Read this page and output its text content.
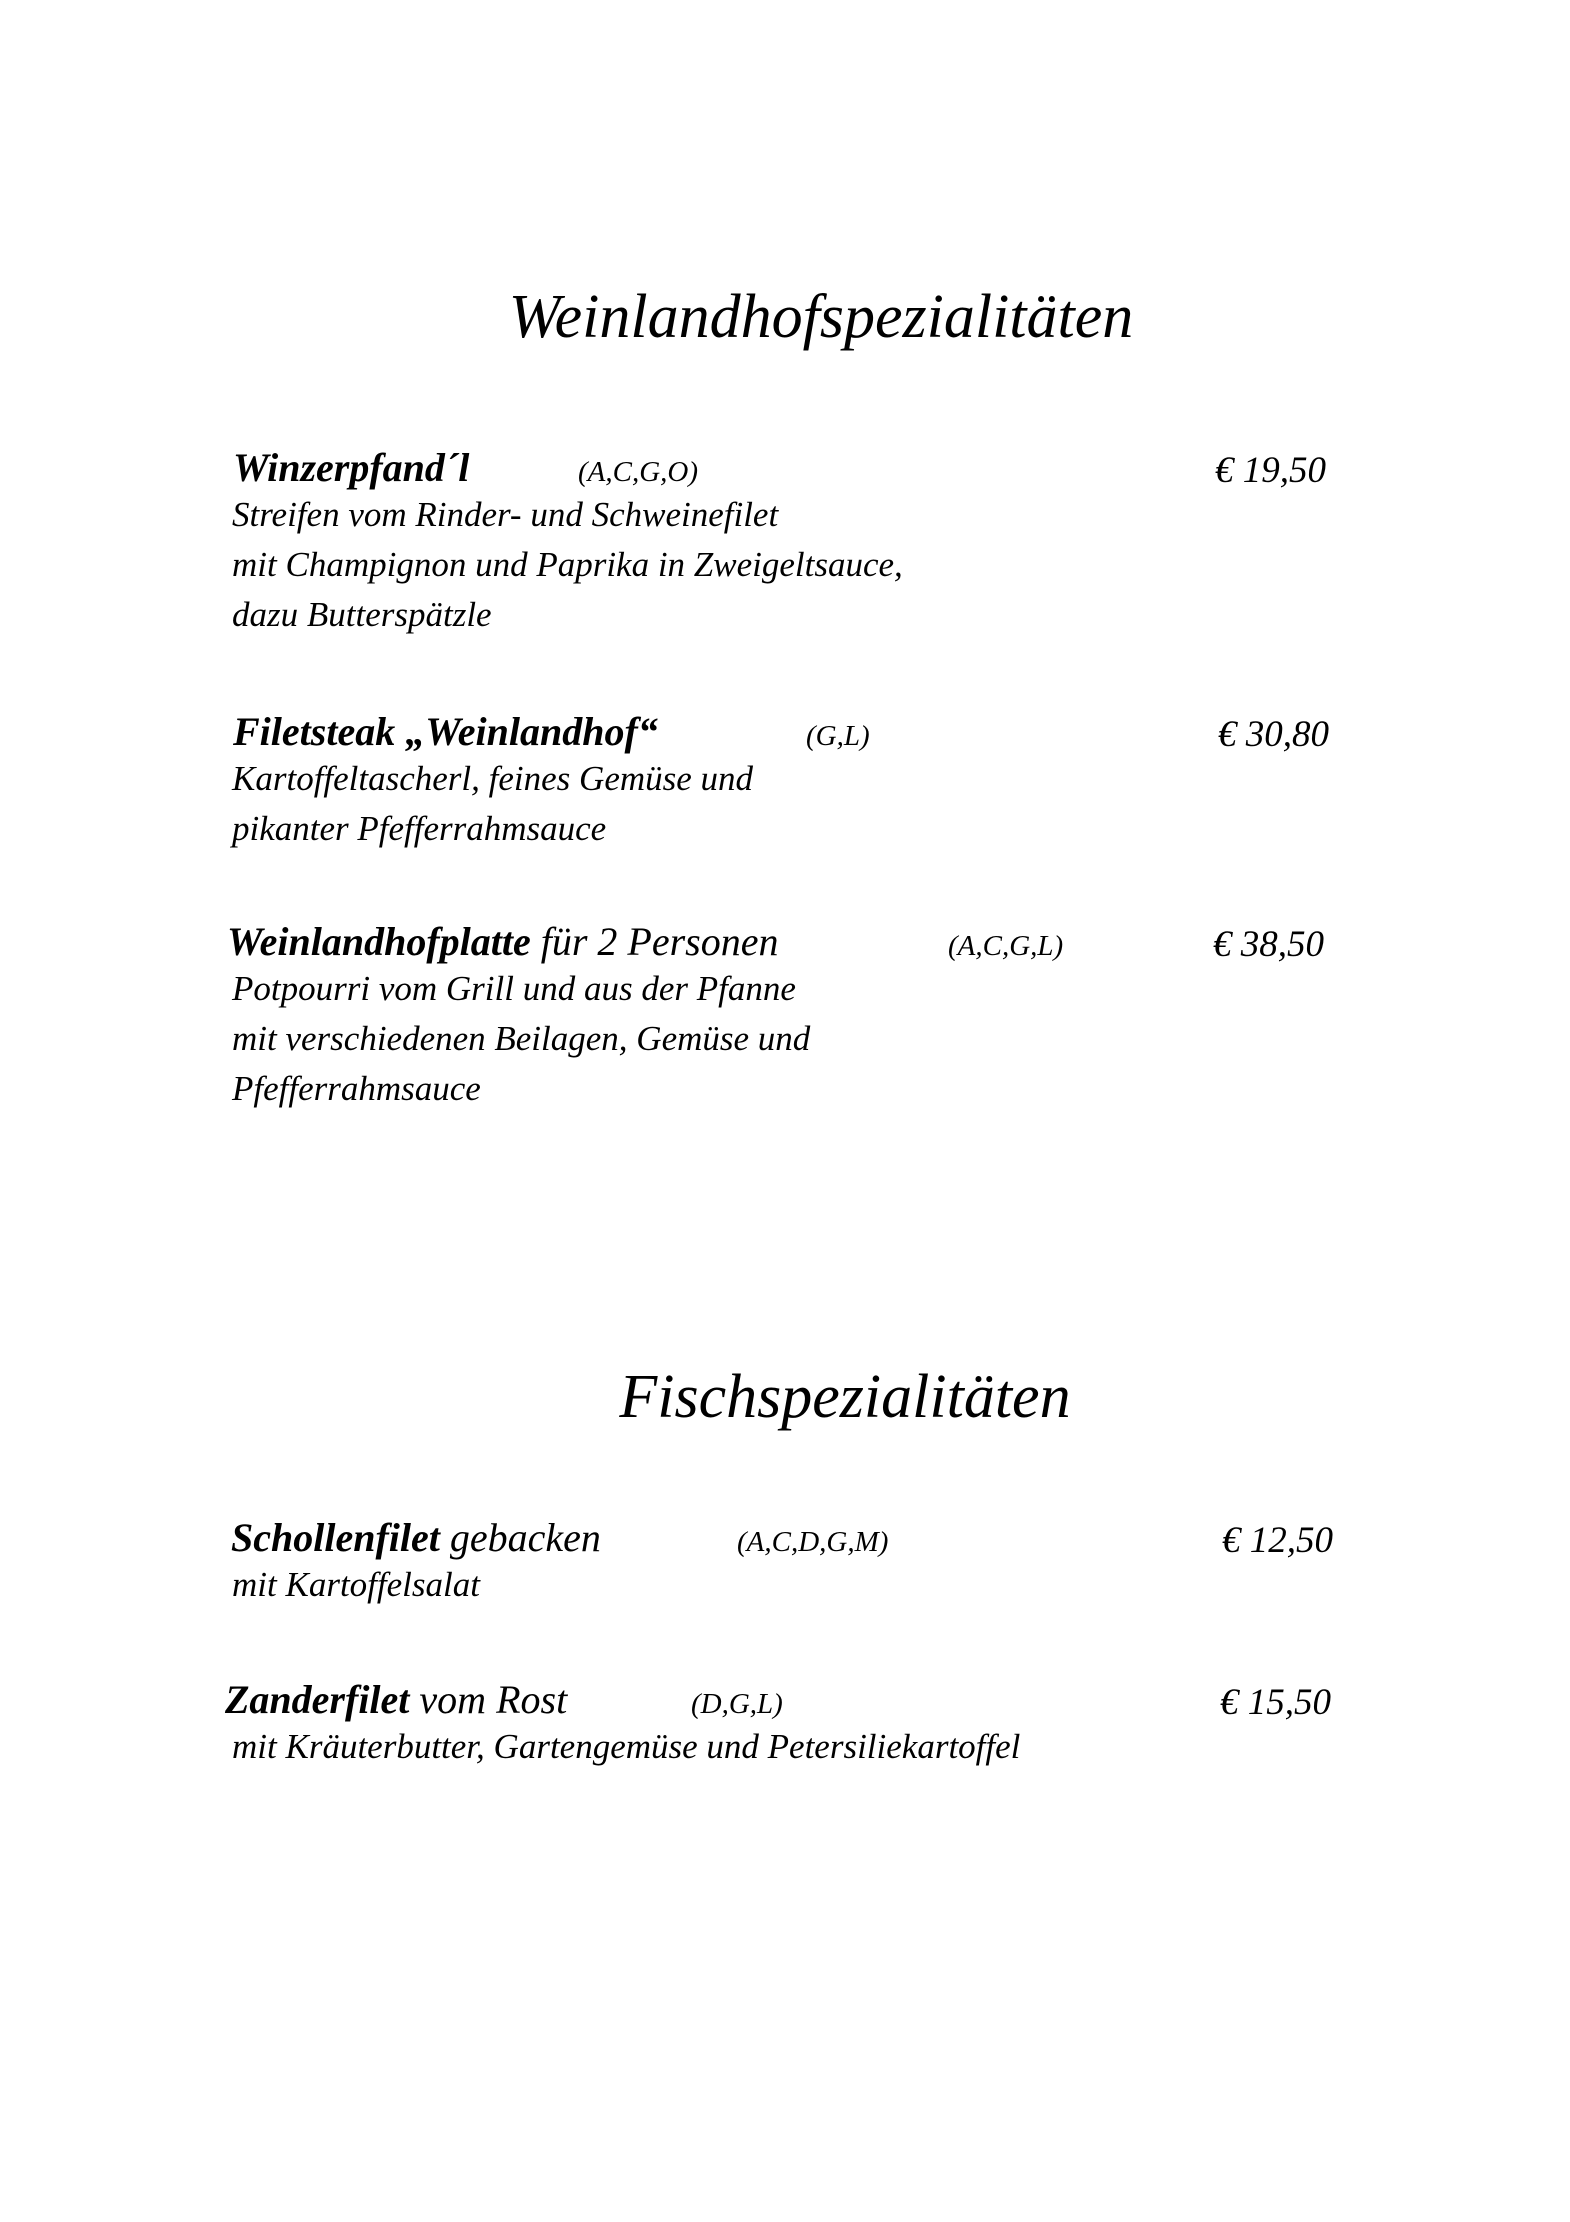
Weinlandhofspezialitäten
Winzerpfand´l	(A,C,G,O)	€ 19,50
Streifen vom Rinder- und Schweinefilet
mit Champignon und Paprika in Zweigeltsauce,
dazu Butterspätzle
Filetsteak „Weinlandhof“	(G,L)	€ 30,80
Kartoffeltascherl, feines Gemüse und
pikanter Pfefferrahmsauce
Weinlandhofplatte für 2 Personen	(A,C,G,L)	€ 38,50
Potpourri vom Grill und aus der Pfanne
mit verschiedenen Beilagen, Gemüse und
Pfefferrahmsauce
Fischspezialitäten
Schollenfilet gebacken	(A,C,D,G,M)	€ 12,50
mit Kartoffelsalat
Zanderfilet vom Rost	(D,G,L)	€ 15,50
mit Kräuterbutter, Gartengemüse und Petersiliekartoffel
